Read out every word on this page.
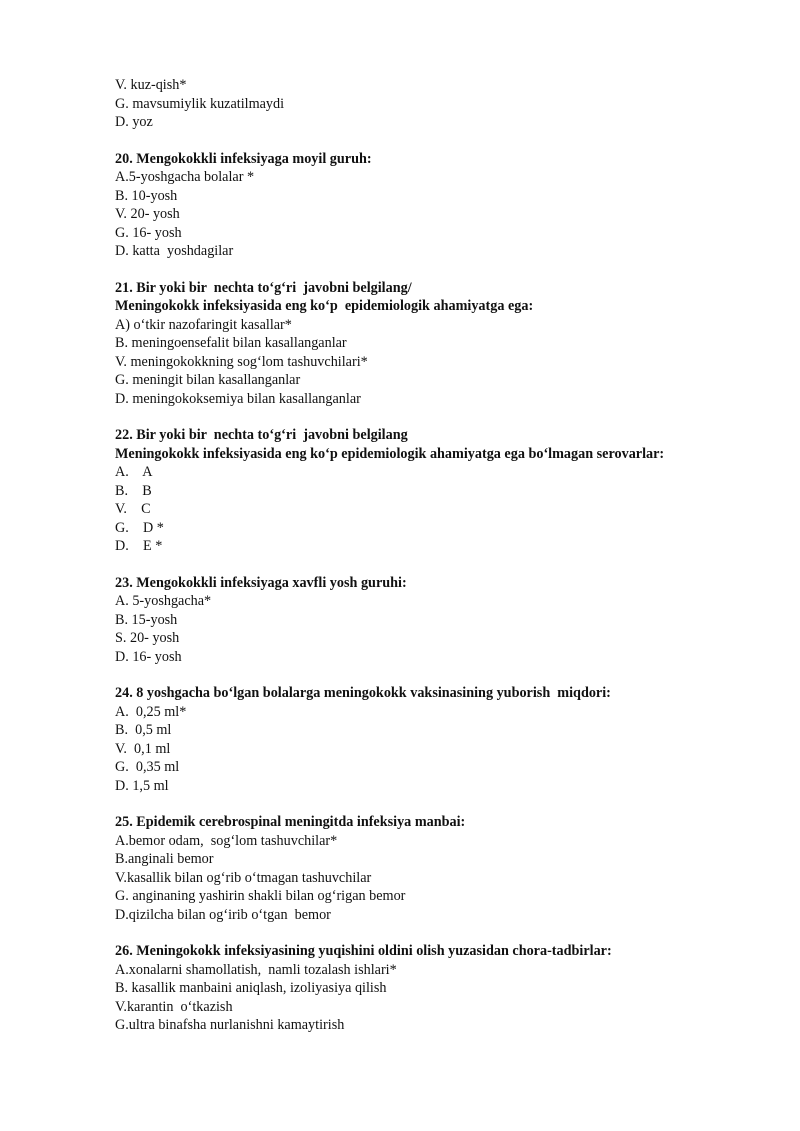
V. kuz-qish*

G. mavsumiylik kuzatilmaydi

D. yoz

20. Mengokokkli infeksiyaga moyil guruh:

A.5-yoshgacha bolalar *

B. 10-yosh

V. 20- yosh

G. 16- yosh

D. katta  yoshdagilar

21. Bir yoki bir  nechta to‘g‘ri  javobni belgilang/

Meningokokk infeksiyasida eng ko‘p  epidemiologik ahamiyatga ega:

A) o‘tkir nazofaringit kasallar*

B. meningoensefalit bilan kasallanganlar

V. meningokokkning sog‘lom tashuvchilari*

G. meningit bilan kasallanganlar

D. meningokoksemiya bilan kasallanganlar

22. Bir yoki bir  nechta to‘g‘ri  javobni belgilang

Meningokokk infeksiyasida eng ko‘p epidemiologik ahamiyatga ega bo‘lmagan serovarlar:

A.    A

B.    B

V.    C

G.    D *

D.    E *

23. Mengokokkli infeksiyaga xavfli yosh guruhi:

A. 5-yoshgacha*

B. 15-yosh

S. 20- yosh

D. 16- yosh

24. 8 yoshgacha bo‘lgan bolalarga meningokokk vaksinasining yuborish  miqdori:

A.  0,25 ml*

B.  0,5 ml

V.  0,1 ml

G.  0,35 ml

D. 1,5 ml

25. Epidemik cerebrospinal meningitda infeksiya manbai:

A.bemor odam,  sog‘lom tashuvchilar*

B.anginali bemor

V.kasallik bilan og‘rib o‘tmagan tashuvchilar

G. anginaning yashirin shakli bilan og‘rigan bemor

D.qizilcha bilan og‘irib o‘tgan  bemor

26. Meningokokk infeksiyasining yuqishini oldini olish yuzasidan chora-tadbirlar:

A.xonalarni shamollatish,  namli tozalash ishlari*

B. kasallik manbaini aniqlash, izoliyasiya qilish

V.karantin  o‘tkazish

G.ultra binafsha nurlanishni kamaytirish
